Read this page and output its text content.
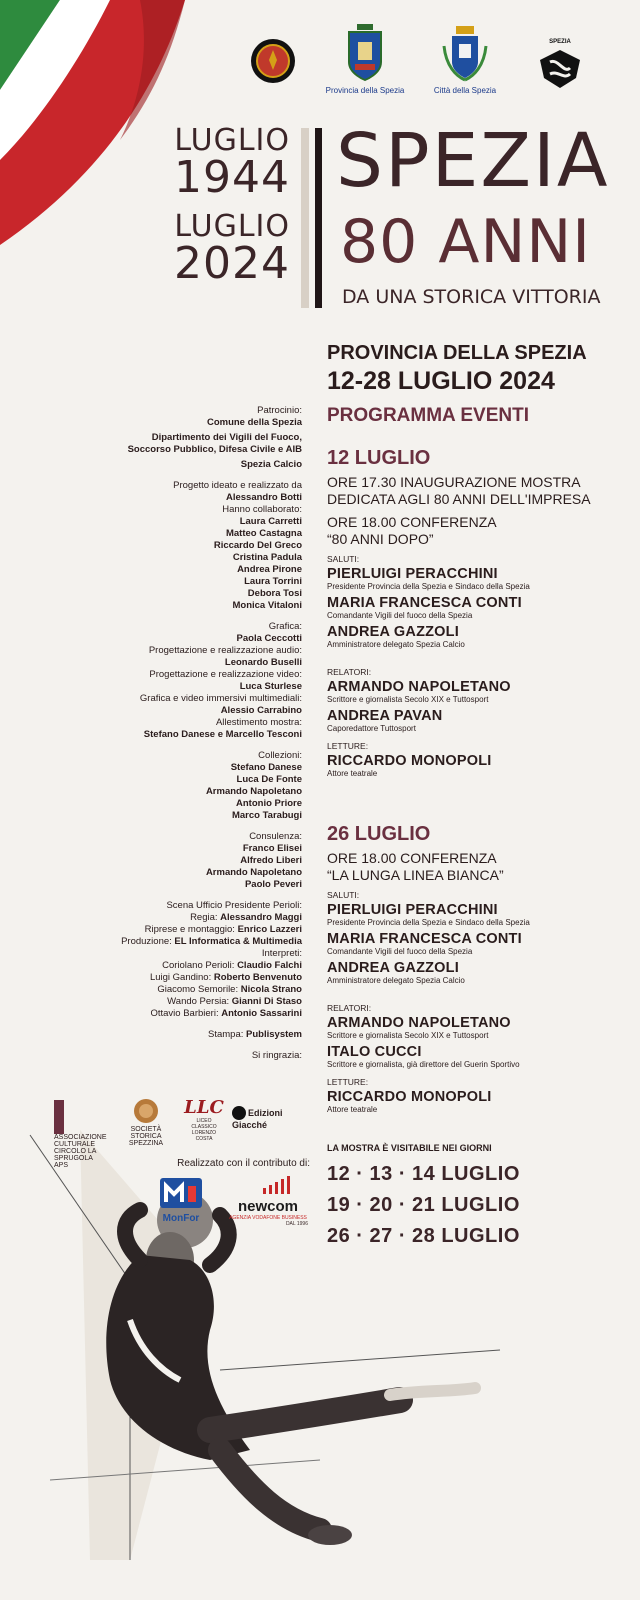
Provincia della Spezia	Città della Spezia
SPEZIA
LUGLIO
1944
LUGLIO
2024
SPEZIA
80 ANNI
DA UNA STORICA VITTORIA
PROVINCIA DELLA SPEZIA
12-28 LUGLIO 2024
PROGRAMMA EVENTI
12 LUGLIO
ORE 17.30 INAUGURAZIONE MOSTRA
DEDICATA AGLI 80 ANNI DELL'IMPRESA
ORE 18.00 CONFERENZA
“80 ANNI DOPO”
SALUTI:
PIERLUIGI PERACCHINI
Presidente Provincia della Spezia e Sindaco della Spezia
MARIA FRANCESCA CONTI
Comandante Vigili del fuoco della Spezia
ANDREA GAZZOLI
Amministratore delegato Spezia Calcio
RELATORI:
ARMANDO NAPOLETANO
Scrittore e giornalista Secolo XIX e Tuttosport
ANDREA PAVAN
Caporedattore Tuttosport
LETTURE:
RICCARDO MONOPOLI
Attore teatrale
26 LUGLIO
ORE 18.00 CONFERENZA
“LA LUNGA LINEA BIANCA”
SALUTI:
PIERLUIGI PERACCHINI
Presidente Provincia della Spezia e Sindaco della Spezia
MARIA FRANCESCA CONTI
Comandante Vigili del fuoco della Spezia
ANDREA GAZZOLI
Amministratore delegato Spezia Calcio
RELATORI:
ARMANDO NAPOLETANO
Scrittore e giornalista Secolo XIX e Tuttosport
ITALO CUCCI
Scrittore e giornalista, già direttore del Guerin Sportivo
LETTURE:
RICCARDO MONOPOLI
Attore teatrale
LA MOSTRA È VISITABILE NEI GIORNI
12 · 13 · 14 LUGLIO
19 · 20 · 21 LUGLIO
26 · 27 · 28 LUGLIO
Patrocinio:
Comune della Spezia
Dipartimento dei Vigili del Fuoco,
Soccorso Pubblico, Difesa Civile e AIB
Spezia Calcio
Progetto ideato e realizzato da
Alessandro Botti
Hanno collaborato:
Laura Carretti
Matteo Castagna
Riccardo Del Greco
Cristina Padula
Andrea Pirone
Laura Torrini
Debora Tosi
Monica Vitaloni
Grafica:
Paola Ceccotti
Progettazione e realizzazione audio:
Leonardo Buselli
Progettazione e realizzazione video:
Luca Sturlese
Grafica e video immersivi multimediali:
Alessio Carrabino
Allestimento mostra:
Stefano Danese e Marcello Tesconi
Collezioni:
Stefano Danese
Luca De Fonte
Armando Napoletano
Antonio Priore
Marco Tarabugi
Consulenza:
Franco Elisei
Alfredo Liberi
Armando Napoletano
Paolo Peveri
Scena Ufficio Presidente Perioli:
Regia: Alessandro Maggi
Riprese e montaggio: Enrico Lazzeri
Produzione: EL Informatica & Multimedia
Interpreti:
Coriolano Perioli: Claudio Falchi
Luigi Gandino: Roberto Benvenuto
Giacomo Semorile: Nicola Strano
Wando Persia: Gianni Di Staso
Ottavio Barbieri: Antonio Sassarini
Stampa: Publisystem
Si ringrazia:
ASSOCIAZIONE CULTURALE CIRCOLO LA SPRUGOLA APS
SOCIETÀ STORICA SPEZZINA
LLC
LICEO CLASSICO LORENZO COSTA
Edizioni Giacché
Realizzato con il contributo di:
MonFor
newcom
AGENZIA VODAFONE BUSINESS
DAL 1996
